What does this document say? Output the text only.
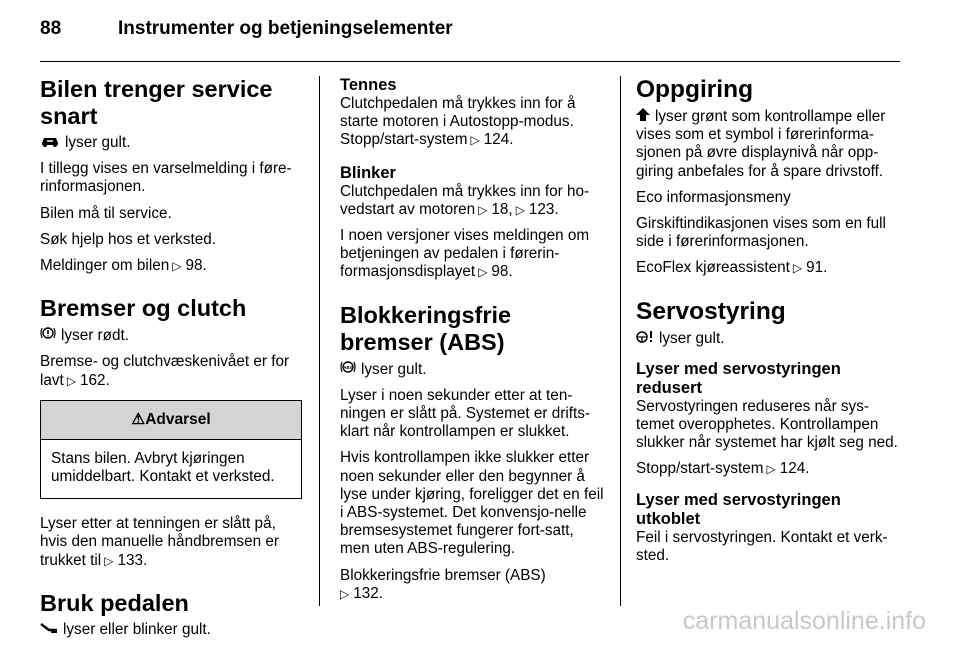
88	Instrumenter og betjeningselementer
Bilen trenger service snart

lyser gult.

I tillegg vises en varselmelding i føre-rinformasjonen.

Bilen må til service.

Søk hjelp hos et verksted.

Meldinger om bilen ▷ 98.

Bremser og clutch

lyser rødt.

Bremse- og clutchvæskenivået er for lavt ▷ 162.

⚠Advarsel
Stans bilen. Avbryt kjøringen umiddelbart. Kontakt et verksted.

Lyser etter at tenningen er slått på, hvis den manuelle håndbremsen er trukket til ▷ 133.

Bruk pedalen

lyser eller blinker gult.

Tennes

Clutchpedalen må trykkes inn for å starte motoren i Autostopp-modus. Stopp/start-system ▷ 124.

Blinker

Clutchpedalen må trykkes inn for ho-vedstart av motoren ▷ 18, ▷ 123.

I noen versjoner vises meldingen om betjeningen av pedalen i førerin-formasjonsdisplayet ▷ 98.

Blokkeringsfrie bremser (ABS)

ABS lyser gult.

Lyser i noen sekunder etter at ten-ningen er slått på. Systemet er drifts-klart når kontrollampen er slukket.

Hvis kontrollampen ikke slukker etter noen sekunder eller den begynner å lyse under kjøring, foreligger det en feil i ABS-systemet. Det konvensjo-nelle bremsesystemet fungerer fort-satt, men uten ABS-regulering.

Blokkeringsfrie bremser (ABS)
▷ 132.

Oppgiring

lyser grønt som kontrollampe eller vises som et symbol i førerinforma-sjonen på øvre displaynivå når opp-giring anbefales for å spare drivstoff.

Eco informasjonsmeny

Girskiftindikasjonen vises som en full side i førerinformasjonen.

EcoFlex kjøreassistent ▷ 91.

Servostyring

lyser gult.

Lyser med servostyringen redusert

Servostyringen reduseres når sys-temet overopphetes. Kontrollampen slukker når systemet har kjølt seg ned.

Stopp/start-system ▷ 124.

Lyser med servostyringen utkoblet

Feil i servostyringen. Kontakt et verk-sted.

carmanualsonline.info
